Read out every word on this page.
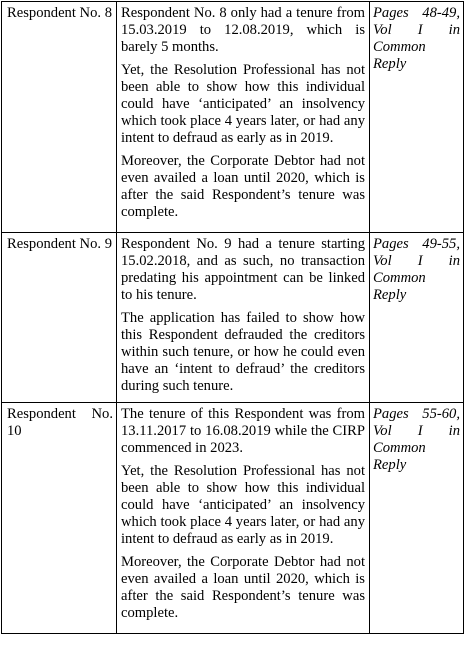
Respondent No. 8	Respondent No. 8 only had a tenure from 15.03.2019 to 12.08.2019, which is barely 5 months.

Yet, the Resolution Professional has not been able to show how this individual could have ‘anticipated’ an insolvency which took place 4 years later, or had any intent to defraud as early as in 2019.

Moreover, the Corporate Debtor had not even availed a loan until 2020, which is after the said Respondent’s tenure was complete.	Pages 48-49, Vol I in Common Reply

Respondent No. 9	Respondent No. 9 had a tenure starting 15.02.2018, and as such, no transaction predating his appointment can be linked to his tenure.

The application has failed to show how this Respondent defrauded the creditors within such tenure, or how he could even have an ‘intent to defraud’ the creditors during such tenure.	Pages 49-55, Vol I in Common Reply

Respondent No. 10	The tenure of this Respondent was from 13.11.2017 to 16.08.2019 while the CIRP commenced in 2023.

Yet, the Resolution Professional has not been able to show how this individual could have ‘anticipated’ an insolvency which took place 4 years later, or had any intent to defraud as early as in 2019.

Moreover, the Corporate Debtor had not even availed a loan until 2020, which is after the said Respondent’s tenure was complete.	Pages 55-60, Vol I in Common Reply
